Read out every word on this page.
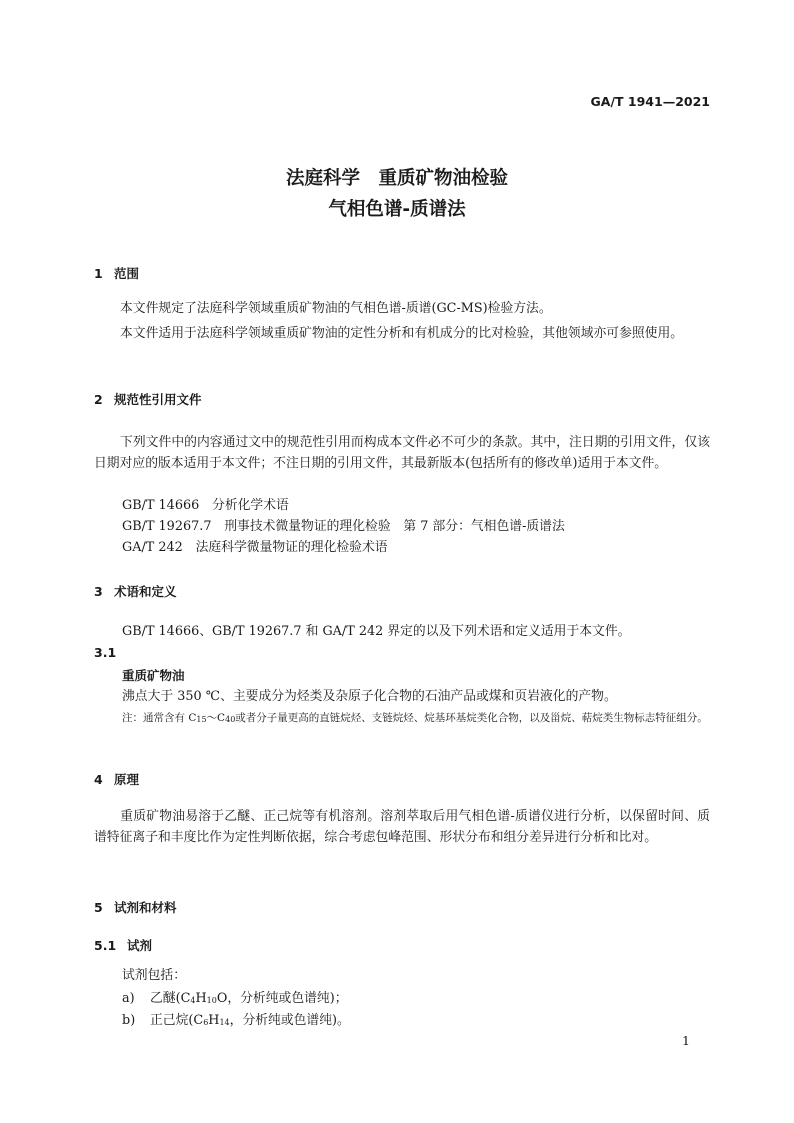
GA/T 1941—2021
法庭科学　重质矿物油检验
气相色谱-质谱法
1 范围
本文件规定了法庭科学领域重质矿物油的气相色谱-质谱(GC-MS)检验方法。
本文件适用于法庭科学领域重质矿物油的定性分析和有机成分的比对检验，其他领域亦可参照使用。
2 规范性引用文件
下列文件中的内容通过文中的规范性引用而构成本文件必不可少的条款。其中，注日期的引用文件，仅该日期对应的版本适用于本文件；不注日期的引用文件，其最新版本(包括所有的修改单)适用于本文件。
GB/T 14666　分析化学术语
GB/T 19267.7　刑事技术微量物证的理化检验　第 7 部分：气相色谱-质谱法
GA/T 242　法庭科学微量物证的理化检验术语
3 术语和定义
GB/T 14666、GB/T 19267.7 和 GA/T 242 界定的以及下列术语和定义适用于本文件。
3.1
重质矿物油
沸点大于 350 ℃、主要成分为烃类及杂原子化合物的石油产品或煤和页岩液化的产物。
注：通常含有 $C_{15}\sim C_{40}$或者分子量更高的直链烷烃、支链烷烃、烷基环基烷类化合物，以及甾烷、萜烷类生物标志特征组分。
4 原理
重质矿物油易溶于乙醚、正己烷等有机溶剂。溶剂萃取后用气相色谱-质谱仪进行分析，以保留时间、质谱特征离子和丰度比作为定性判断依据，综合考虑包峰范围、形状分布和组分差异进行分析和比对。
5 试剂和材料
5.1 试剂
试剂包括：
a) 乙醚($C_4H_{10}O$，分析纯或色谱纯)；
b) 正己烷($C_6H_{14}$，分析纯或色谱纯)。
1
